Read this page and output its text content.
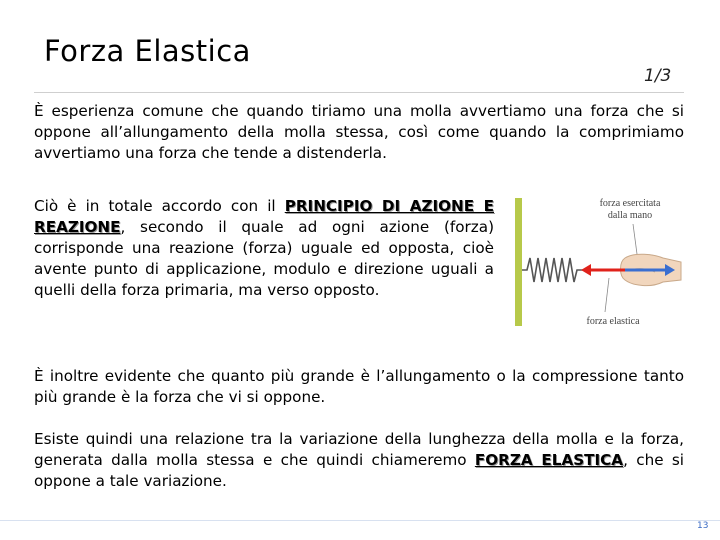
Forza Elastica
1/3
È esperienza comune che quando tiriamo una molla avvertiamo una forza che si oppone all’allungamento della molla stessa, così come quando la comprimiamo avvertiamo una forza che tende a distenderla.
Ciò è in totale accordo con il PRINCIPIO DI AZIONE E REAZIONE, secondo il quale ad ogni azione (forza) corrisponde una reazione (forza) uguale ed opposta, cioè avente punto di applicazione, modulo e direzione uguali a quelli della forza primaria, ma verso opposto.
forza esercitata
dalla mano
forza elastica
È inoltre evidente che quanto più grande è l’allungamento o la compressione tanto più grande è la forza che vi si oppone.
Esiste quindi una relazione tra la variazione della lunghezza della molla e la forza, generata dalla molla stessa e che quindi chiameremo FORZA ELASTICA, che si oppone a tale variazione.
13
